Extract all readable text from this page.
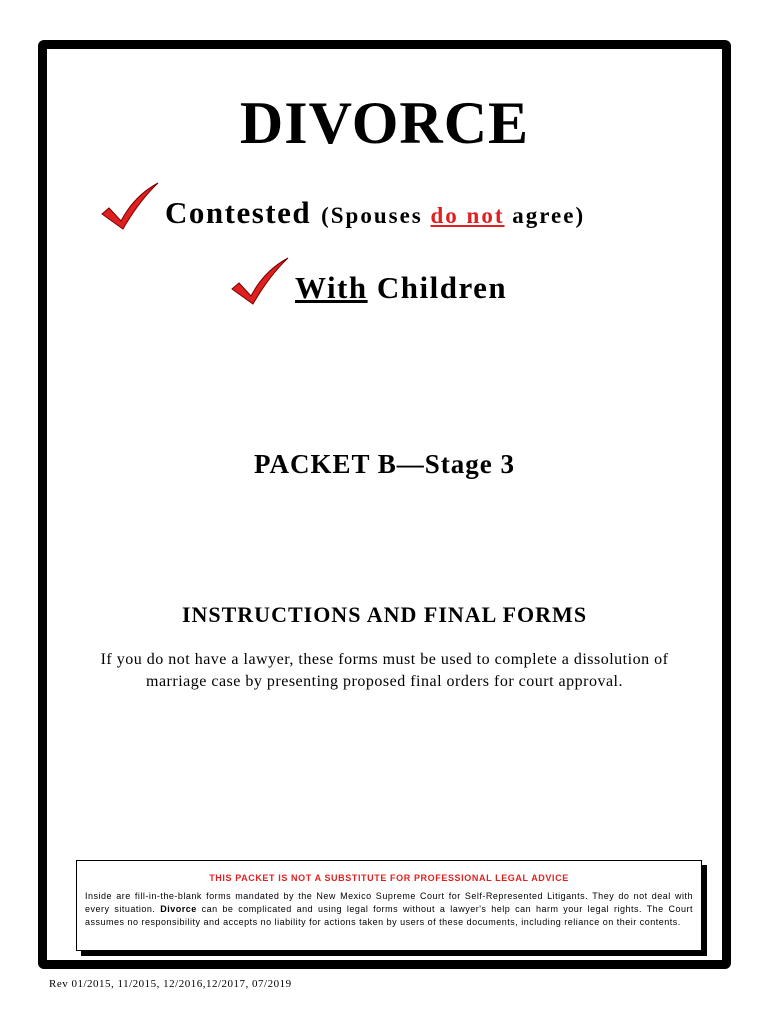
DIVORCE
Contested (Spouses do not agree)
With Children
PACKET B—Stage 3
INSTRUCTIONS AND FINAL FORMS
If you do not have a lawyer, these forms must be used to complete a dissolution of marriage case by presenting proposed final orders for court approval.
THIS PACKET IS NOT A SUBSTITUTE FOR PROFESSIONAL LEGAL ADVICE
Inside are fill-in-the-blank forms mandated by the New Mexico Supreme Court for Self-Represented Litigants. They do not deal with every situation. Divorce can be complicated and using legal forms without a lawyer's help can harm your legal rights. The Court assumes no responsibility and accepts no liability for actions taken by users of these documents, including reliance on their contents.
Rev 01/2015, 11/2015, 12/2016,12/2017, 07/2019
